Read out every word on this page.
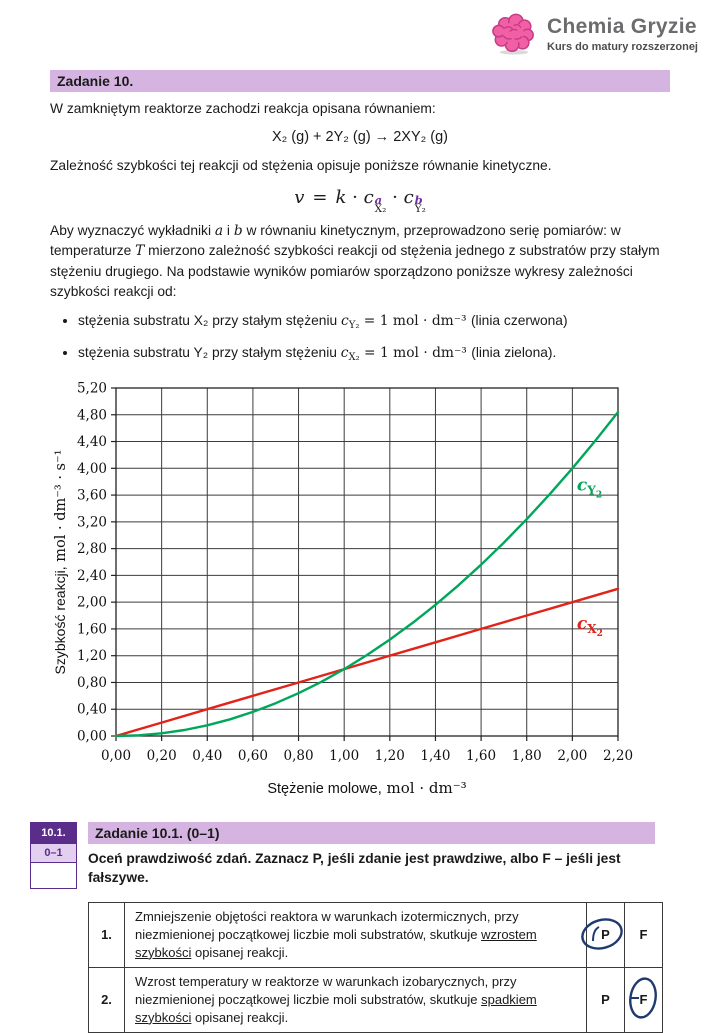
Chemia Gryzie
Kurs do matury rozszerzonej
Zadanie 10.

W zamkniętym reaktorze zachodzi reakcja opisana równaniem:

X₂ (g) + 2Y₂ (g) → 2XY₂ (g)

Zależność szybkości tej reakcji od stężenia opisuje poniższe równanie kinetyczne.

v = k · c a
X₂
· c b
Y₂

Aby wyznaczyć wykładniki a i b w równaniu kinetycznym, przeprowadzono serię pomiarów: w temperaturze T mierzono zależność szybkości reakcji od stężenia jednego z substratów przy stałym stężeniu drugiego. Na podstawie wyników pomiarów sporządzono poniższe wykresy zależności szybkości reakcji od:

• stężenia substratu X₂ przy stałym stężeniu $c_{Y_2} = 1$ mol · dm⁻³ (linia czerwona)
• stężenia substratu Y₂ przy stałym stężeniu $c_{X_2} = 1$ mol · dm⁻³ (linia zielona).
0,00 0,20 0,40 0,60 0,80 1,00 1,20 1,40 1,60 1,80 2,00 2,20
0,00
0,40
0,80
1,20
1,60
2,00
2,40
2,80
3,20
3,60
4,00
4,40
4,80
5,20
$c_X2$
$c_Y2$
Stężenie molowe, mol · dm⁻³
Szybkość reakcji, mol · dm⁻³ · s⁻¹
10.1.
0–1
Zadanie 10.1. (0–1)

Oceń prawdziwość zdań. Zaznacz P, jeśli zdanie jest prawdziwe, albo F – jeśli jest fałszywe.

1.	Zmniejszenie objętości reaktora w warunkach izotermicznych, przy niezmienionej początkowej liczbie moli substratów, skutkuje wzrostem szybkości opisanej reakcji.	P	F
2.	Wzrost temperatury w reaktorze w warunkach izobarycznych, przy niezmienionej początkowej liczbie moli substratów, skutkuje spadkiem szybkości opisanej reakcji.	P	F
